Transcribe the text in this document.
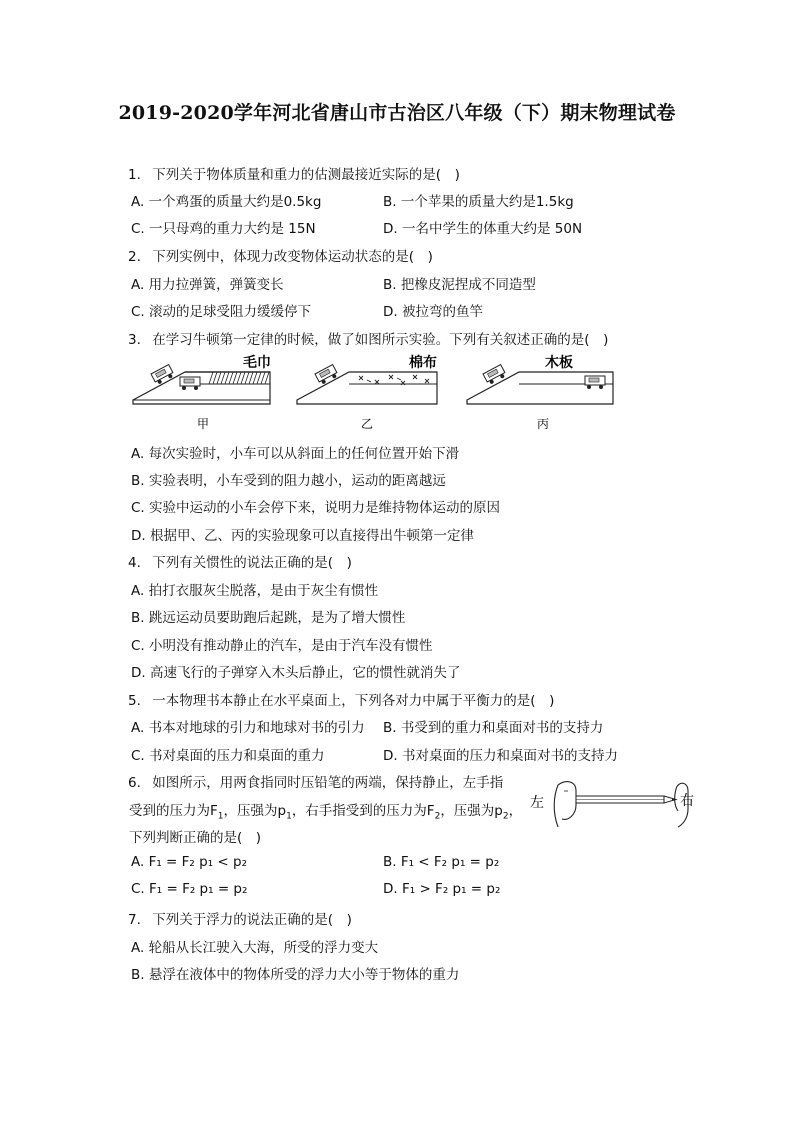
2019-2020学年河北省唐山市古治区八年级（下）期末物理试卷
1. 下列关于物体质量和重力的估测最接近实际的是(　)
A. 一个鸡蛋的质量大约是0.5kg	B. 一个苹果的质量大约是1.5kg
C. 一只母鸡的重力大约是 15N	D. 一名中学生的体重大约是 50N
2. 下列实例中，体现力改变物体运动状态的是(　)
A. 用力拉弹簧，弹簧变长	B. 把橡皮泥捏成不同造型
C. 滚动的足球受阻力缓缓停下	D. 被拉弯的鱼竿
3. 在学习牛顿第一定律的时候，做了如图所示实验。下列有关叙述正确的是(　)
毛巾	棉布	木板
甲	乙	丙
A. 每次实验时，小车可以从斜面上的任何位置开始下滑
B. 实验表明，小车受到的阻力越小，运动的距离越远
C. 实验中运动的小车会停下来，说明力是维持物体运动的原因
D. 根据甲、乙、丙的实验现象可以直接得出牛顿第一定律
4. 下列有关惯性的说法正确的是(　)
A. 拍打衣服灰尘脱落，是由于灰尘有惯性
B. 跳远运动员要助跑后起跳，是为了增大惯性
C. 小明没有推动静止的汽车，是由于汽车没有惯性
D. 高速飞行的子弹穿入木头后静止，它的惯性就消失了
5. 一本物理书本静止在水平桌面上，下列各对力中属于平衡力的是(　)
A. 书本对地球的引力和地球对书的引力 B. 书受到的重力和桌面对书的支持力
C. 书对桌面的压力和桌面的重力	D. 书对桌面的压力和桌面对书的支持力
6. 如图所示，用两食指同时压铅笔的两端，保持静止，左手指
受到的压力为$F_1$，压强为$p_1$，右手指受到的压力为$F_2$，压强为$p_2$，
下列判断正确的是(　)
左	右
A. F₁ = F₂ p₁ < p₂	B. F₁ < F₂ p₁ = p₂
C. F₁ = F₂ p₁ = p₂	D. F₁ > F₂ p₁ = p₂
7. 下列关于浮力的说法正确的是(　)
A. 轮船从长江驶入大海，所受的浮力变大
B. 悬浮在液体中的物体所受的浮力大小等于物体的重力
